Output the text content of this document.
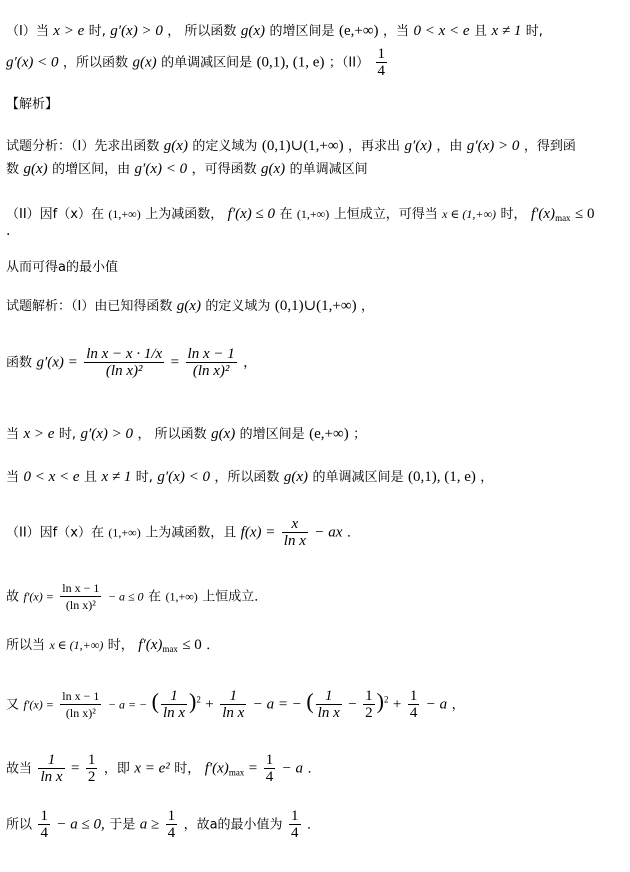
（I）当 x > e 时, g′(x) > 0 ， 所以函数 g(x) 的增区间是 (e,+∞) ，当 0 < x < e 且 x ≠ 1 时,
g′(x) < 0 ，所以函数 g(x) 的单调减区间是 (0,1), (1, e) ；$(II) \frac{1}{4}$
【解析】
试题分析：（I）先求出函数 g(x) 的定义域为 (0,1)∪(1,+∞) ，再求出 g′(x) ，由 g′(x) > 0 ，得到函
数 g(x) 的增区间，由 g′(x) < 0 ，可得函数 g(x) 的单调减区间
（II）因f（x）在 (1,+∞) 上为减函数， f′(x) ≤ 0 在 (1,+∞) 上恒成立，可得当 x ∈ (1,+∞) 时， $f'(x)_{max} \le 0$
.
从而可得a的最小值
试题解析：（I）由已知得函数 g(x) 的定义域为 (0,1)∪(1,+∞) ，
函数 $g'(x) = \frac{\text{ln x − x · 1/x}}{\text{(ln x)²}} = \frac{\text{ln x − 1}}{\text{(ln x)²}}$ ，
当 x > e 时, g′(x) > 0 ， 所以函数 g(x) 的增区间是 (e,+∞) ；
当 0 < x < e 且 x ≠ 1 时, g′(x) < 0 ，所以函数 g(x) 的单调减区间是 (0,1), (1, e) ，
（II）因f（x）在 (1,+∞) 上为减函数，且 $f(x) = \frac{x}{\text{ln x}}$ − ax ．
故 $f'(x) = \frac{\text{ln x − 1}}{\text{(ln x)²}} - a \le 0$ 在 (1,+∞) 上恒成立．
所以当 x ∈ (1,+∞) 时， $f'(x)_{max} \le 0$ ．
又 $f'(x) = \frac{\text{ln x − 1}}{\text{(ln x)²}} - a$ = − ( $\frac{1}{\text{ln x}} )^2 + \frac{1}{\text{ln x}} - a$ = − ( $\frac{1}{\text{ln x}} - \frac{1}{2} )^2 + \frac{1}{4} - a$ ，
故当 $\frac{1}{\text{ln x}} = \frac{1}{2}$ ，即 x = e² 时， $f'(x)_{max} = \frac{1}{4} - a$ ．
所以 $\frac{1}{4} - a \le 0$, 于是 $a \ge \frac{1}{4}$ ，故a的最小值为 $\frac{1}{4}$ ．
